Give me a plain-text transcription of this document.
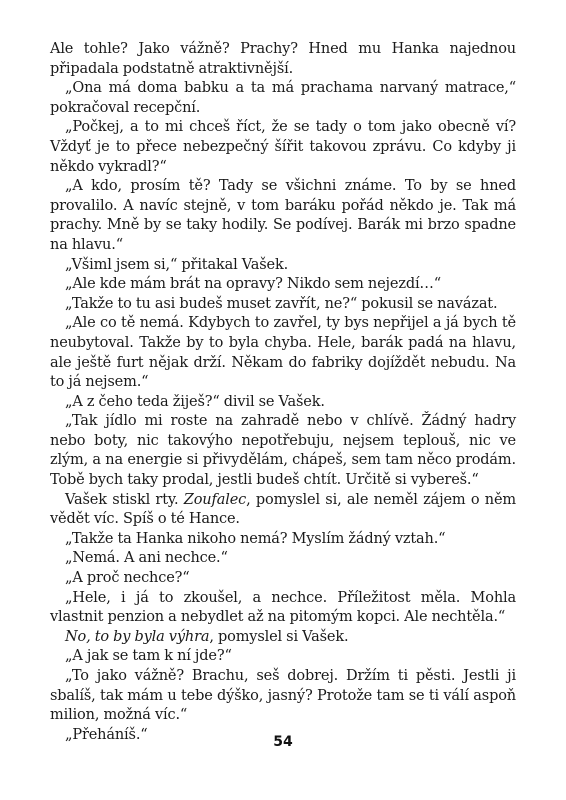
Ale tohle? Jako vážně? Prachy? Hned mu Hanka najednou připadala podstatně atraktivnější.

„Ona má doma babku a ta má prachama narvaný matrace,“ pokračoval recepční.

„Počkej, a to mi chceš říct, že se tady o tom jako obecně ví? Vždyť je to přece nebezpečný šířit takovou zprávu. Co kdyby ji někdo vykradl?“

„A kdo, prosím tě? Tady se všichni známe. To by se hned provalilo. A navíc stejně, v tom baráku pořád někdo je. Tak má prachy. Mně by se taky hodily. Se podívej. Barák mi brzo spadne na hlavu.“

„Všiml jsem si,“ přitakal Vašek.

„Ale kde mám brát na opravy? Nikdo sem nejezdí…“

„Takže to tu asi budeš muset zavřít, ne?“ pokusil se navázat.

„Ale co tě nemá. Kdybych to zavřel, ty bys nepřijel a já bych tě neubytoval. Takže by to byla chyba. Hele, barák padá na hlavu, ale ještě furt nějak drží. Někam do fabriky dojíždět nebudu. Na to já nejsem.“

„A z čeho teda žiješ?“ divil se Vašek.

„Tak jídlo mi roste na zahradě nebo v chlívě. Žádný hadry nebo boty, nic takovýho nepotřebuju, nejsem teplouš, nic ve zlým, a na energie si přivydělám, chápeš, sem tam něco prodám. Tobě bych taky prodal, jestli budeš chtít. Určitě si vybereš.“

Vašek stiskl rty. Zoufalec, pomyslel si, ale neměl zájem o něm vědět víc. Spíš o té Hance.

„Takže ta Hanka nikoho nemá? Myslím žádný vztah.“

„Nemá. A ani nechce.“

„A proč nechce?“

„Hele, i já to zkoušel, a nechce. Příležitost měla. Mohla vlastnit penzion a nebydlet až na pitomým kopci. Ale nechtěla.“

No, to by byla výhra, pomyslel si Vašek.

„A jak se tam k ní jde?“

„To jako vážně? Brachu, seš dobrej. Držím ti pěsti. Jestli ji sbalíš, tak mám u tebe dýško, jasný? Protože tam se ti válí aspoň milion, možná víc.“

„Přeháníš.“	54
